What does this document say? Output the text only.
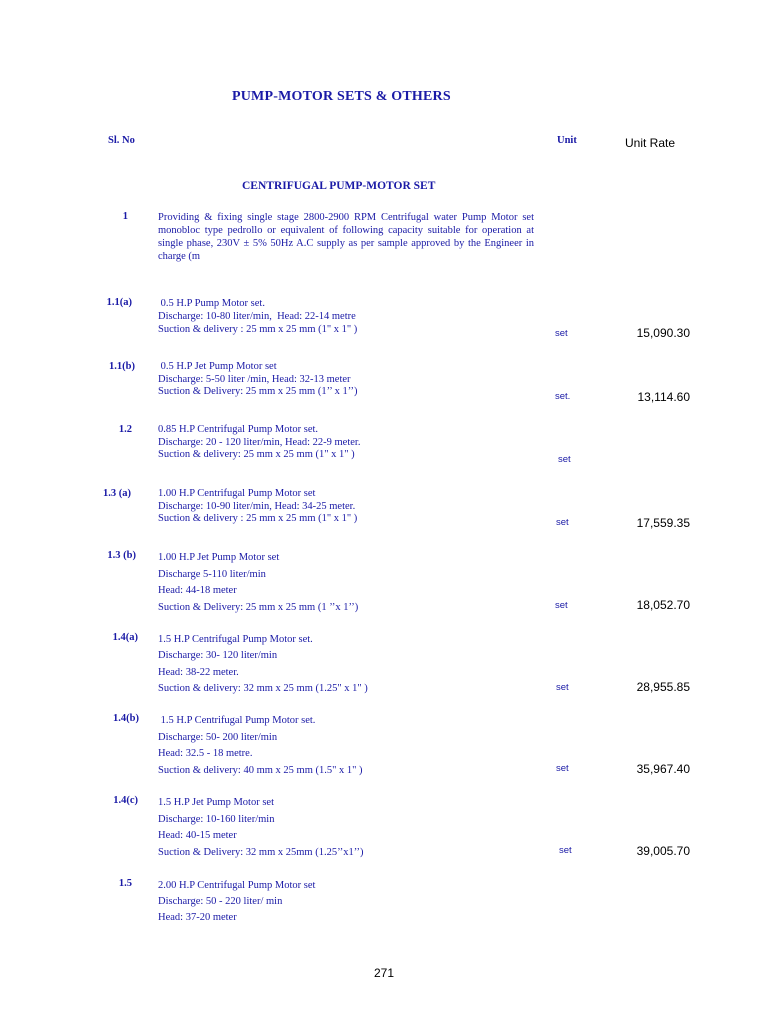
PUMP-MOTOR SETS & OTHERS
Sl. No	Unit	Unit Rate
CENTRIFUGAL PUMP-MOTOR SET
1	Providing & fixing single stage 2800-2900 RPM Centrifugal water Pump Motor set monobloc type pedrollo or equivalent of following capacity suitable for operation at single phase, 230V ± 5% 50Hz A.C supply as per sample approved by the Engineer in charge (m
1.1(a) 0.5 H.P Pump Motor set.
Discharge: 10-80 liter/min,  Head: 22-14 metre
Suction & delivery : 25 mm x 25 mm (1" x 1" )	set	15,090.30
1.1(b) 0.5 H.P Jet Pump Motor set
Discharge: 5-50 liter /min, Head: 32-13 meter
Suction & Delivery: 25 mm x 25 mm (1’’ x 1’’)	set.	13,114.60
1.2 0.85 H.P Centrifugal Pump Motor set.
Discharge: 20 - 120 liter/min, Head: 22-9 meter.
Suction & delivery: 25 mm x 25 mm (1" x 1" )	set
1.3 (a)	1.00 H.P Centrifugal Pump Motor set
Discharge: 10-90 liter/min, Head: 34-25 meter.
Suction & delivery : 25 mm x 25 mm (1" x 1" )	set	17,559.35
1.3 (b) 1.00 H.P Jet Pump Motor set
Discharge 5-110 liter/min
Head: 44-18 meter
Suction & Delivery: 25 mm x 25 mm (1 ’’x 1’’)	set	18,052.70
1.4(a) 1.5 H.P Centrifugal Pump Motor set.
Discharge: 30- 120 liter/min
Head: 38-22 meter.
Suction & delivery: 32 mm x 25 mm (1.25" x 1" )	set	28,955.85
1.4(b) 1.5 H.P Centrifugal Pump Motor set.
Discharge: 50- 200 liter/min
Head: 32.5 - 18 metre.
Suction & delivery: 40 mm x 25 mm (1.5" x 1" )	set	35,967.40
1.4(c) 1.5 H.P Jet Pump Motor set
Discharge: 10-160 liter/min
Head: 40-15 meter
Suction & Delivery: 32 mm x 25mm (1.25’’x1’’)	set	39,005.70
1.5 2.00 H.P Centrifugal Pump Motor set
Discharge: 50 - 220 liter/ min
Head: 37-20 meter
271
